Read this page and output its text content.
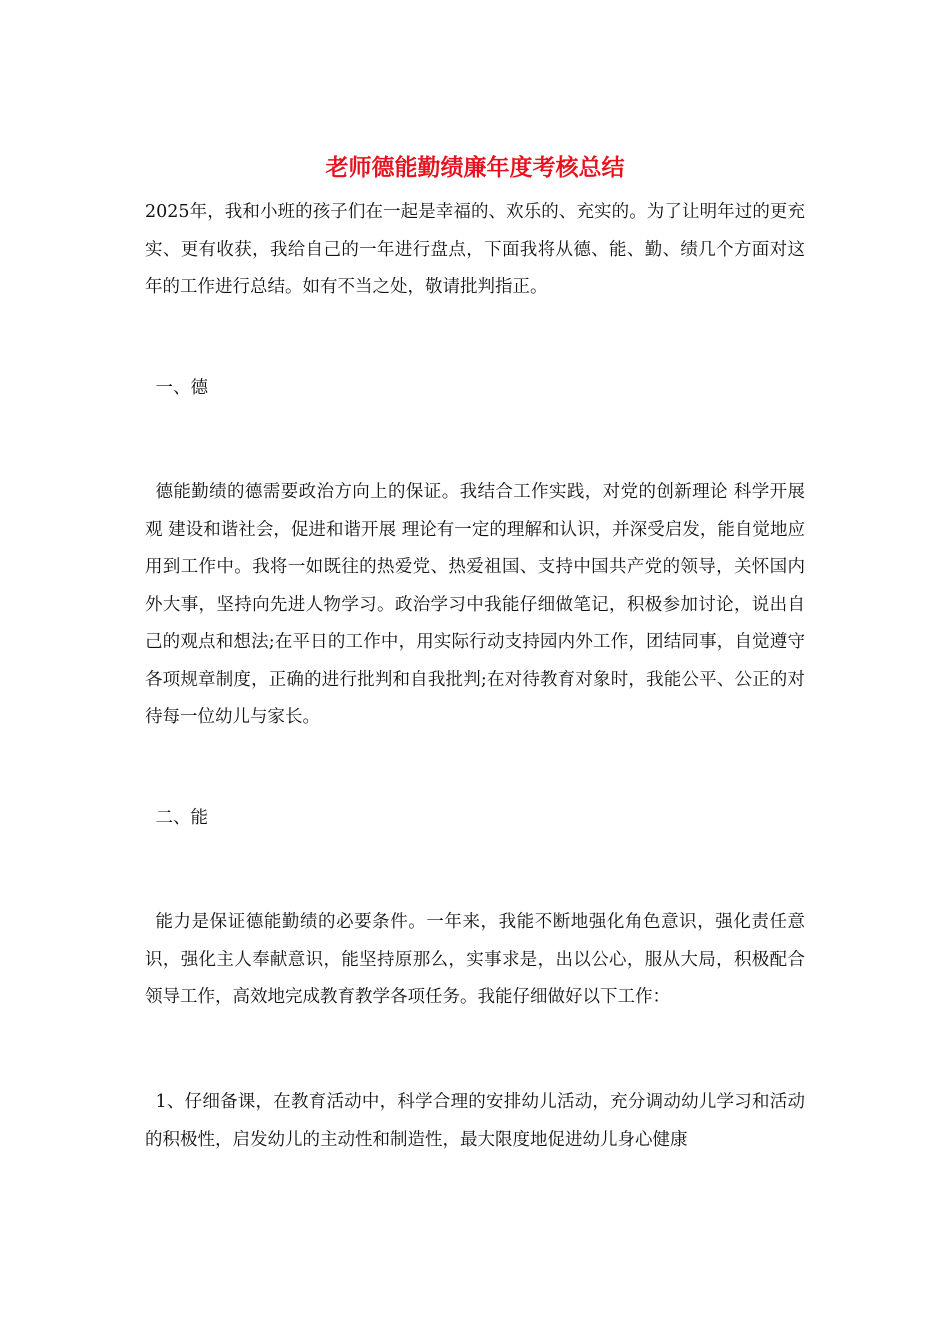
老师德能勤绩廉年度考核总结

2025年，我和小班的孩子们在一起是幸福的、欢乐的、充实的。为了让明年过的更充实、更有收获，我给自己的一年进行盘点，下面我将从德、能、勤、绩几个方面对这年的工作进行总结。如有不当之处，敬请批判指正。

一、德

德能勤绩的德需要政治方向上的保证。我结合工作实践，对党的创新理论 科学开展观 建设和谐社会，促进和谐开展 理论有一定的理解和认识，并深受启发，能自觉地应用到工作中。我将一如既往的热爱党、热爱祖国、支持中国共产党的领导，关怀国内外大事，坚持向先进人物学习。政治学习中我能仔细做笔记，积极参加讨论，说出自己的观点和想法;在平日的工作中，用实际行动支持园内外工作，团结同事，自觉遵守各项规章制度，正确的进行批判和自我批判;在对待教育对象时，我能公平、公正的对待每一位幼儿与家长。

二、能

能力是保证德能勤绩的必要条件。一年来，我能不断地强化角色意识，强化责任意识，强化主人奉献意识，能坚持原那么，实事求是，出以公心，服从大局，积极配合领导工作，高效地完成教育教学各项任务。我能仔细做好以下工作：

1、仔细备课，在教育活动中，科学合理的安排幼儿活动，充分调动幼儿学习和活动的积极性，启发幼儿的主动性和制造性，最大限度地促进幼儿身心健康
